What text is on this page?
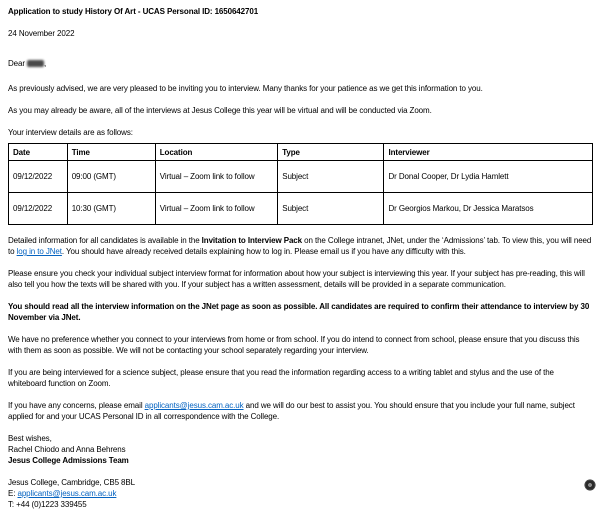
Application to study History Of Art - UCAS Personal ID: 1650642701

24 November 2022

Dear ,

As previously advised, we are very pleased to be inviting you to interview. Many thanks for your patience as we get this information to you.

As you may already be aware, all of the interviews at Jesus College this year will be virtual and will be conducted via Zoom.

Your interview details are as follows:

Date	Time	Location	Type	Interviewer
09/12/2022	09:00 (GMT)	Virtual – Zoom link to follow	Subject	Dr Donal Cooper, Dr Lydia Hamlett
09/12/2022	10:30 (GMT)	Virtual – Zoom link to follow	Subject	Dr Georgios Markou, Dr Jessica Maratsos

Detailed information for all candidates is available in the Invitation to Interview Pack on the College intranet, JNet, under the ‘Admissions’ tab. To view this, you will need to log in to JNet. You should have already received details explaining how to log in. Please email us if you have any difficulty with this.

Please ensure you check your individual subject interview format for information about how your subject is interviewing this year. If your subject has pre-reading, this will also tell you how the texts will be shared with you. If your subject has a written assessment, details will be provided in a separate communication.

You should read all the interview information on the JNet page as soon as possible. All candidates are required to confirm their attendance to interview by 30 November via JNet.

We have no preference whether you connect to your interviews from home or from school. If you do intend to connect from school, please ensure that you discuss this with them as soon as possible. We will not be contacting your school separately regarding your interview.

If you are being interviewed for a science subject, please ensure that you read the information regarding access to a writing tablet and stylus and the use of the whiteboard function on Zoom.

If you have any concerns, please email applicants@jesus.cam.ac.uk and we will do our best to assist you. You should ensure that you include your full name, subject applied for and your UCAS Personal ID in all correspondence with the College.

Best wishes,

Rachel Chiodo and Anna Behrens

Jesus College Admissions Team

Jesus College, Cambridge, CB5 8BL

E: applicants@jesus.cam.ac.uk

T: +44 (0)1223 339455
